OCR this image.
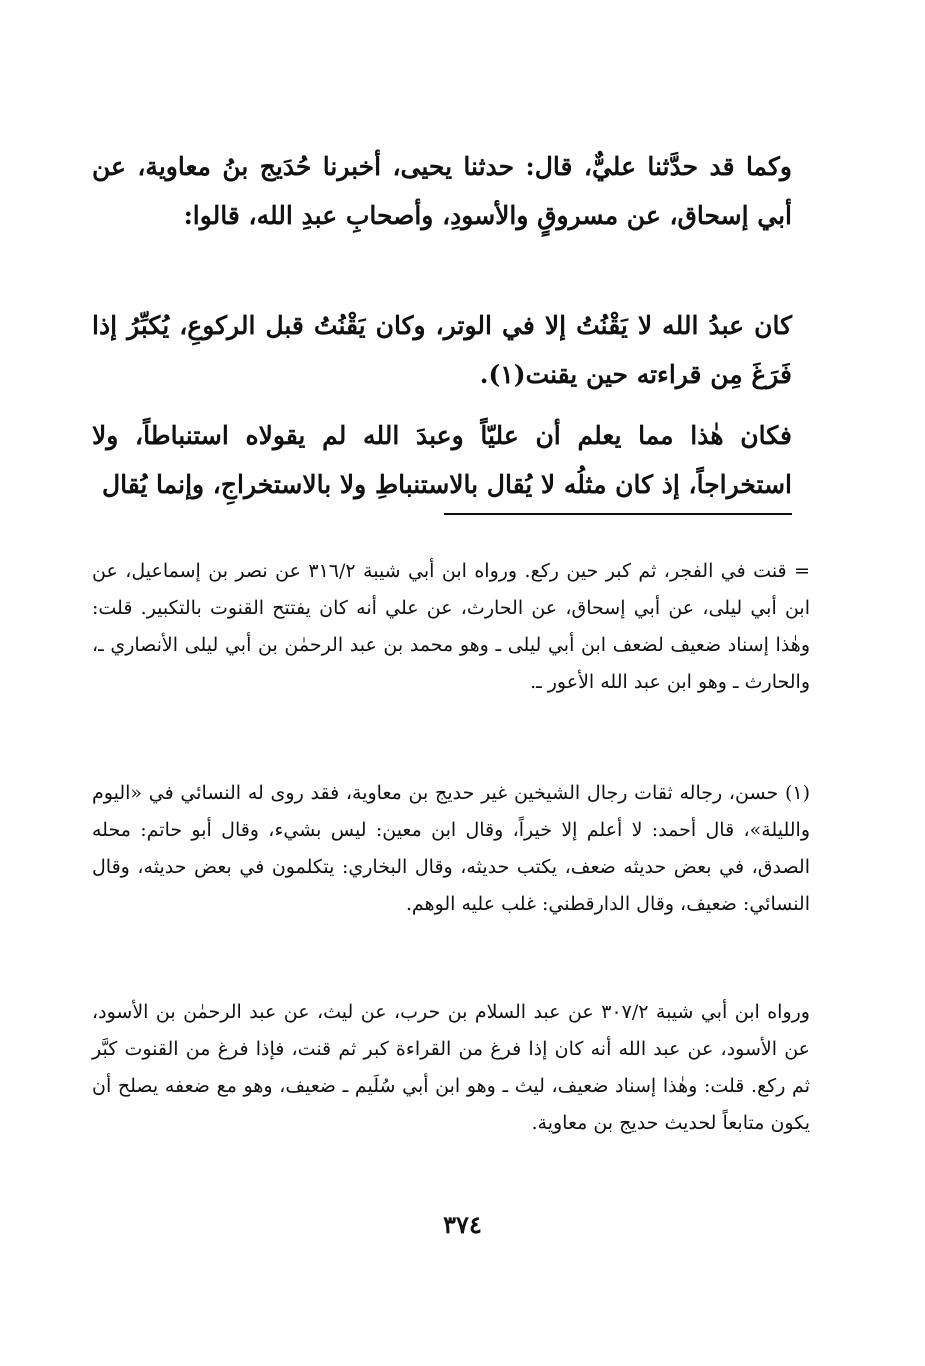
وكما قد حدَّثنا عليٌّ، قال: حدثنا يحيى، أخبرنا حُدَيج بنُ معاوية، عن أبي إسحاق، عن مسروقٍ والأسودِ، وأصحابِ عبدِ الله، قالوا:

كان عبدُ الله لا يَقْنُتُ إلا في الوتر، وكان يَقْنُتُ قبل الركوعِ، يُكبِّرُ إذا فَرَغَ مِن قراءته حين يقنت(١).

فكان هٰذا مما يعلم أن عليّاً وعبدَ الله لم يقولاه استنباطاً، ولا استخراجاً، إذ كان مثلُه لا يُقال بالاستنباطِ ولا بالاستخراجِ، وإنما يُقال

= قنت في الفجر، ثم كبر حين ركع. ورواه ابن أبي شيبة ٣١٦/٢ عن نصر بن إسماعيل، عن ابن أبي ليلى، عن أبي إسحاق، عن الحارث، عن علي أنه كان يفتتح القنوت بالتكبير. قلت: وهٰذا إسناد ضعيف لضعف ابن أبي ليلى ـ وهو محمد بن عبد الرحمٰن بن أبي ليلى الأنصاري ـ، والحارث ـ وهو ابن عبد الله الأعور ـ.

(١) حسن، رجاله ثقات رجال الشيخين غير حديج بن معاوية، فقد روى له النسائي في «اليوم والليلة»، قال أحمد: لا أعلم إلا خيراً، وقال ابن معين: ليس بشيء، وقال أبو حاتم: محله الصدق، في بعض حديثه ضعف، يكتب حديثه، وقال البخاري: يتكلمون في بعض حديثه، وقال النسائي: ضعيف، وقال الدارقطني: غلب عليه الوهم.

ورواه ابن أبي شيبة ٣٠٧/٢ عن عبد السلام بن حرب، عن ليث، عن عبد الرحمٰن بن الأسود، عن الأسود، عن عبد الله أنه كان إذا فرغ من القراءة كبر ثم قنت، فإذا فرغ من القنوت كبَّر ثم ركع. قلت: وهٰذا إسناد ضعيف، ليث ـ وهو ابن أبي سُلَيم ـ ضعيف، وهو مع ضعفه يصلح أن يكون متابعاً لحديث حديج بن معاوية.

٣٧٤
